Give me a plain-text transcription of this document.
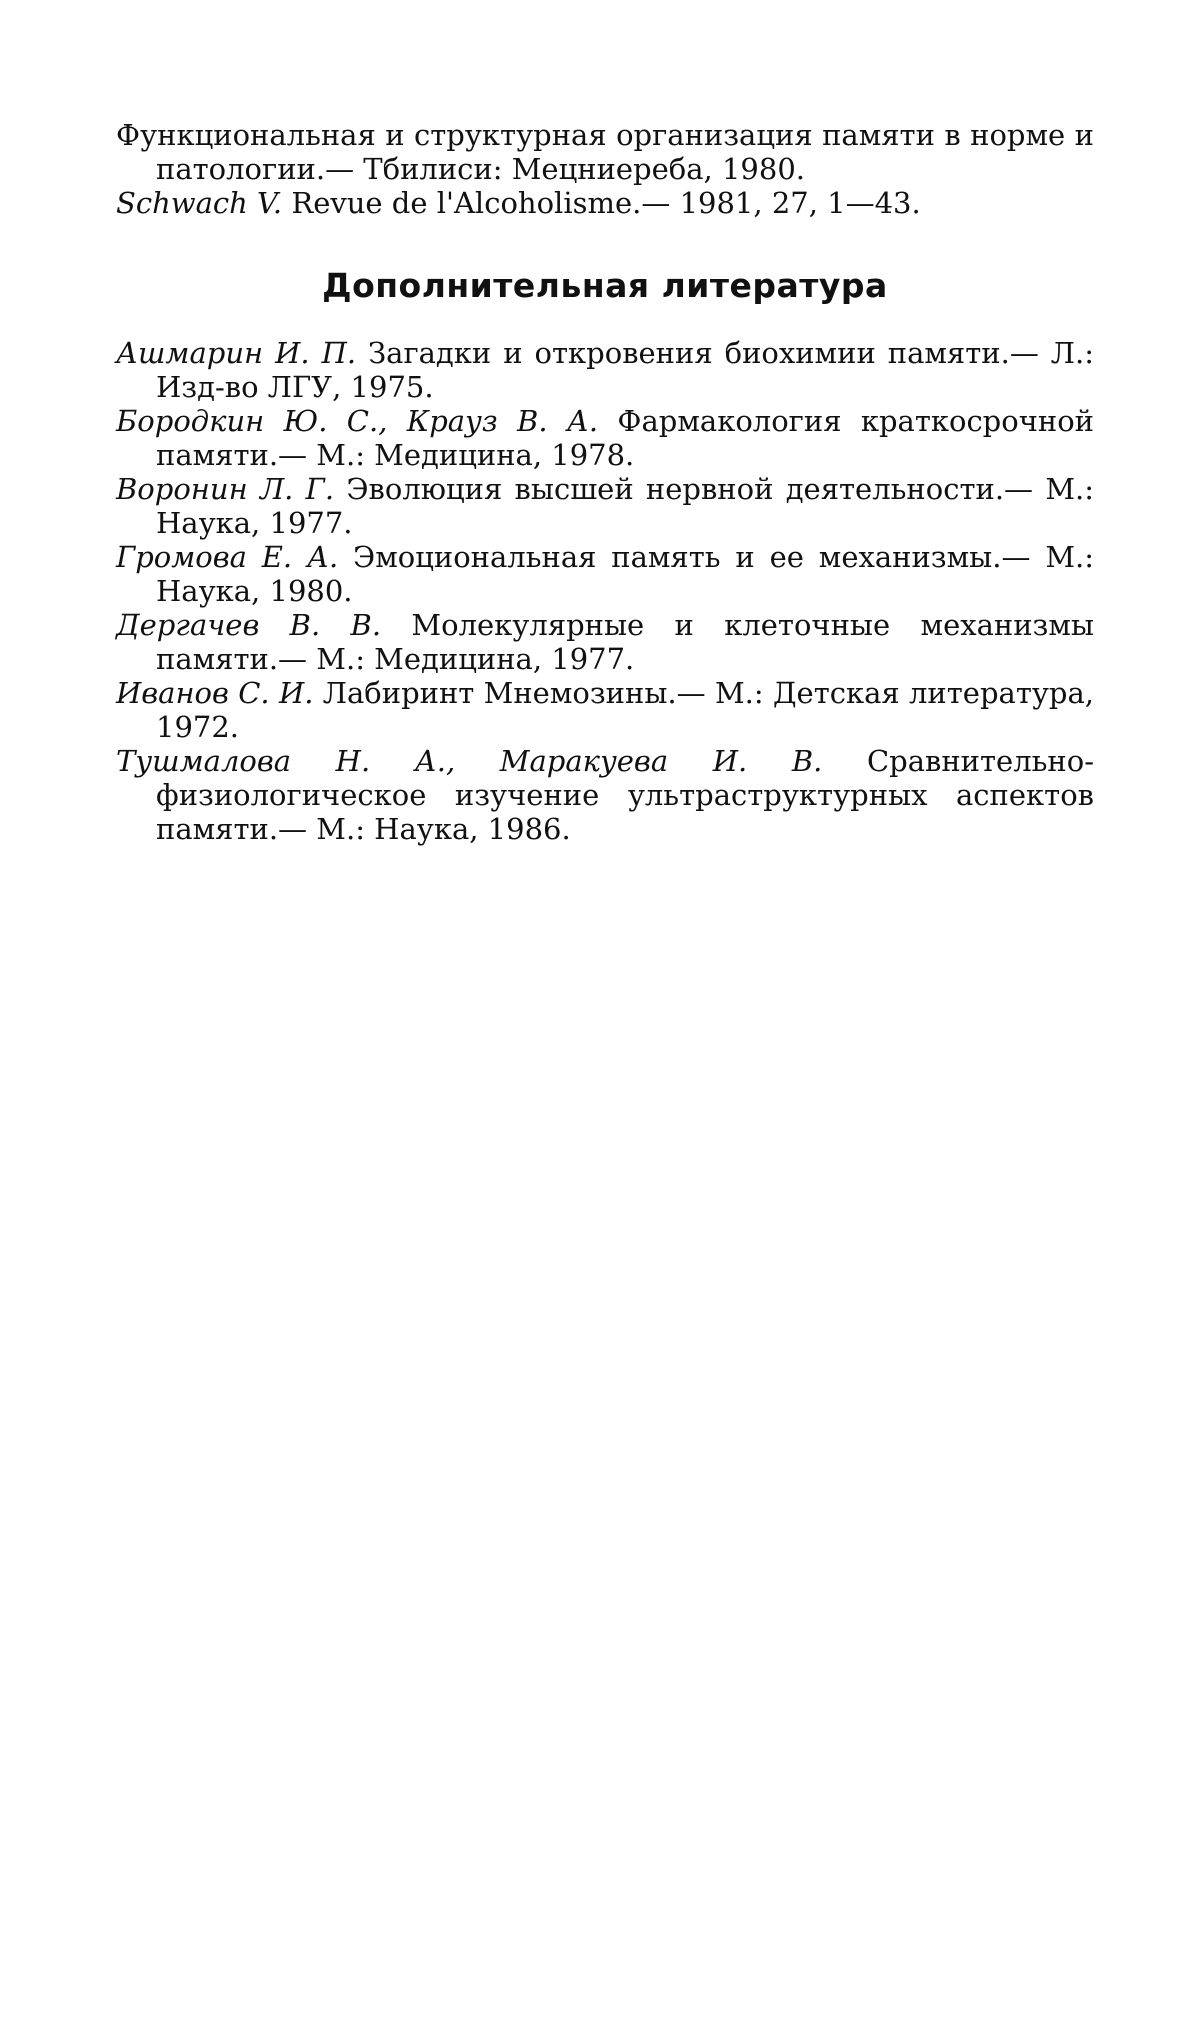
Функциональная и структурная организация памяти в норме и патологии.— Тбилиси: Мецниереба, 1980.

Schwach V. Revue de l'Alcoholisme.— 1981, 27, 1—43.

Дополнительная литература

Ашмарин И. П. Загадки и откровения биохимии памяти.— Л.: Изд-во ЛГУ, 1975.

Бородкин Ю. С., Крауз В. А. Фармакология краткосрочной памяти.— М.: Медицина, 1978.

Воронин Л. Г. Эволюция высшей нервной деятельности.— М.: Наука, 1977.

Громова Е. А. Эмоциональная память и ее механизмы.— М.: Наука, 1980.

Дергачев В. В. Молекулярные и клеточные механизмы памяти.— М.: Медицина, 1977.

Иванов С. И. Лабиринт Мнемозины.— М.: Детская литература, 1972.

Тушмалова Н. А., Маракуева И. В. Сравнительно-физиологическое изучение ультраструктурных аспектов памяти.— М.: Наука, 1986.
